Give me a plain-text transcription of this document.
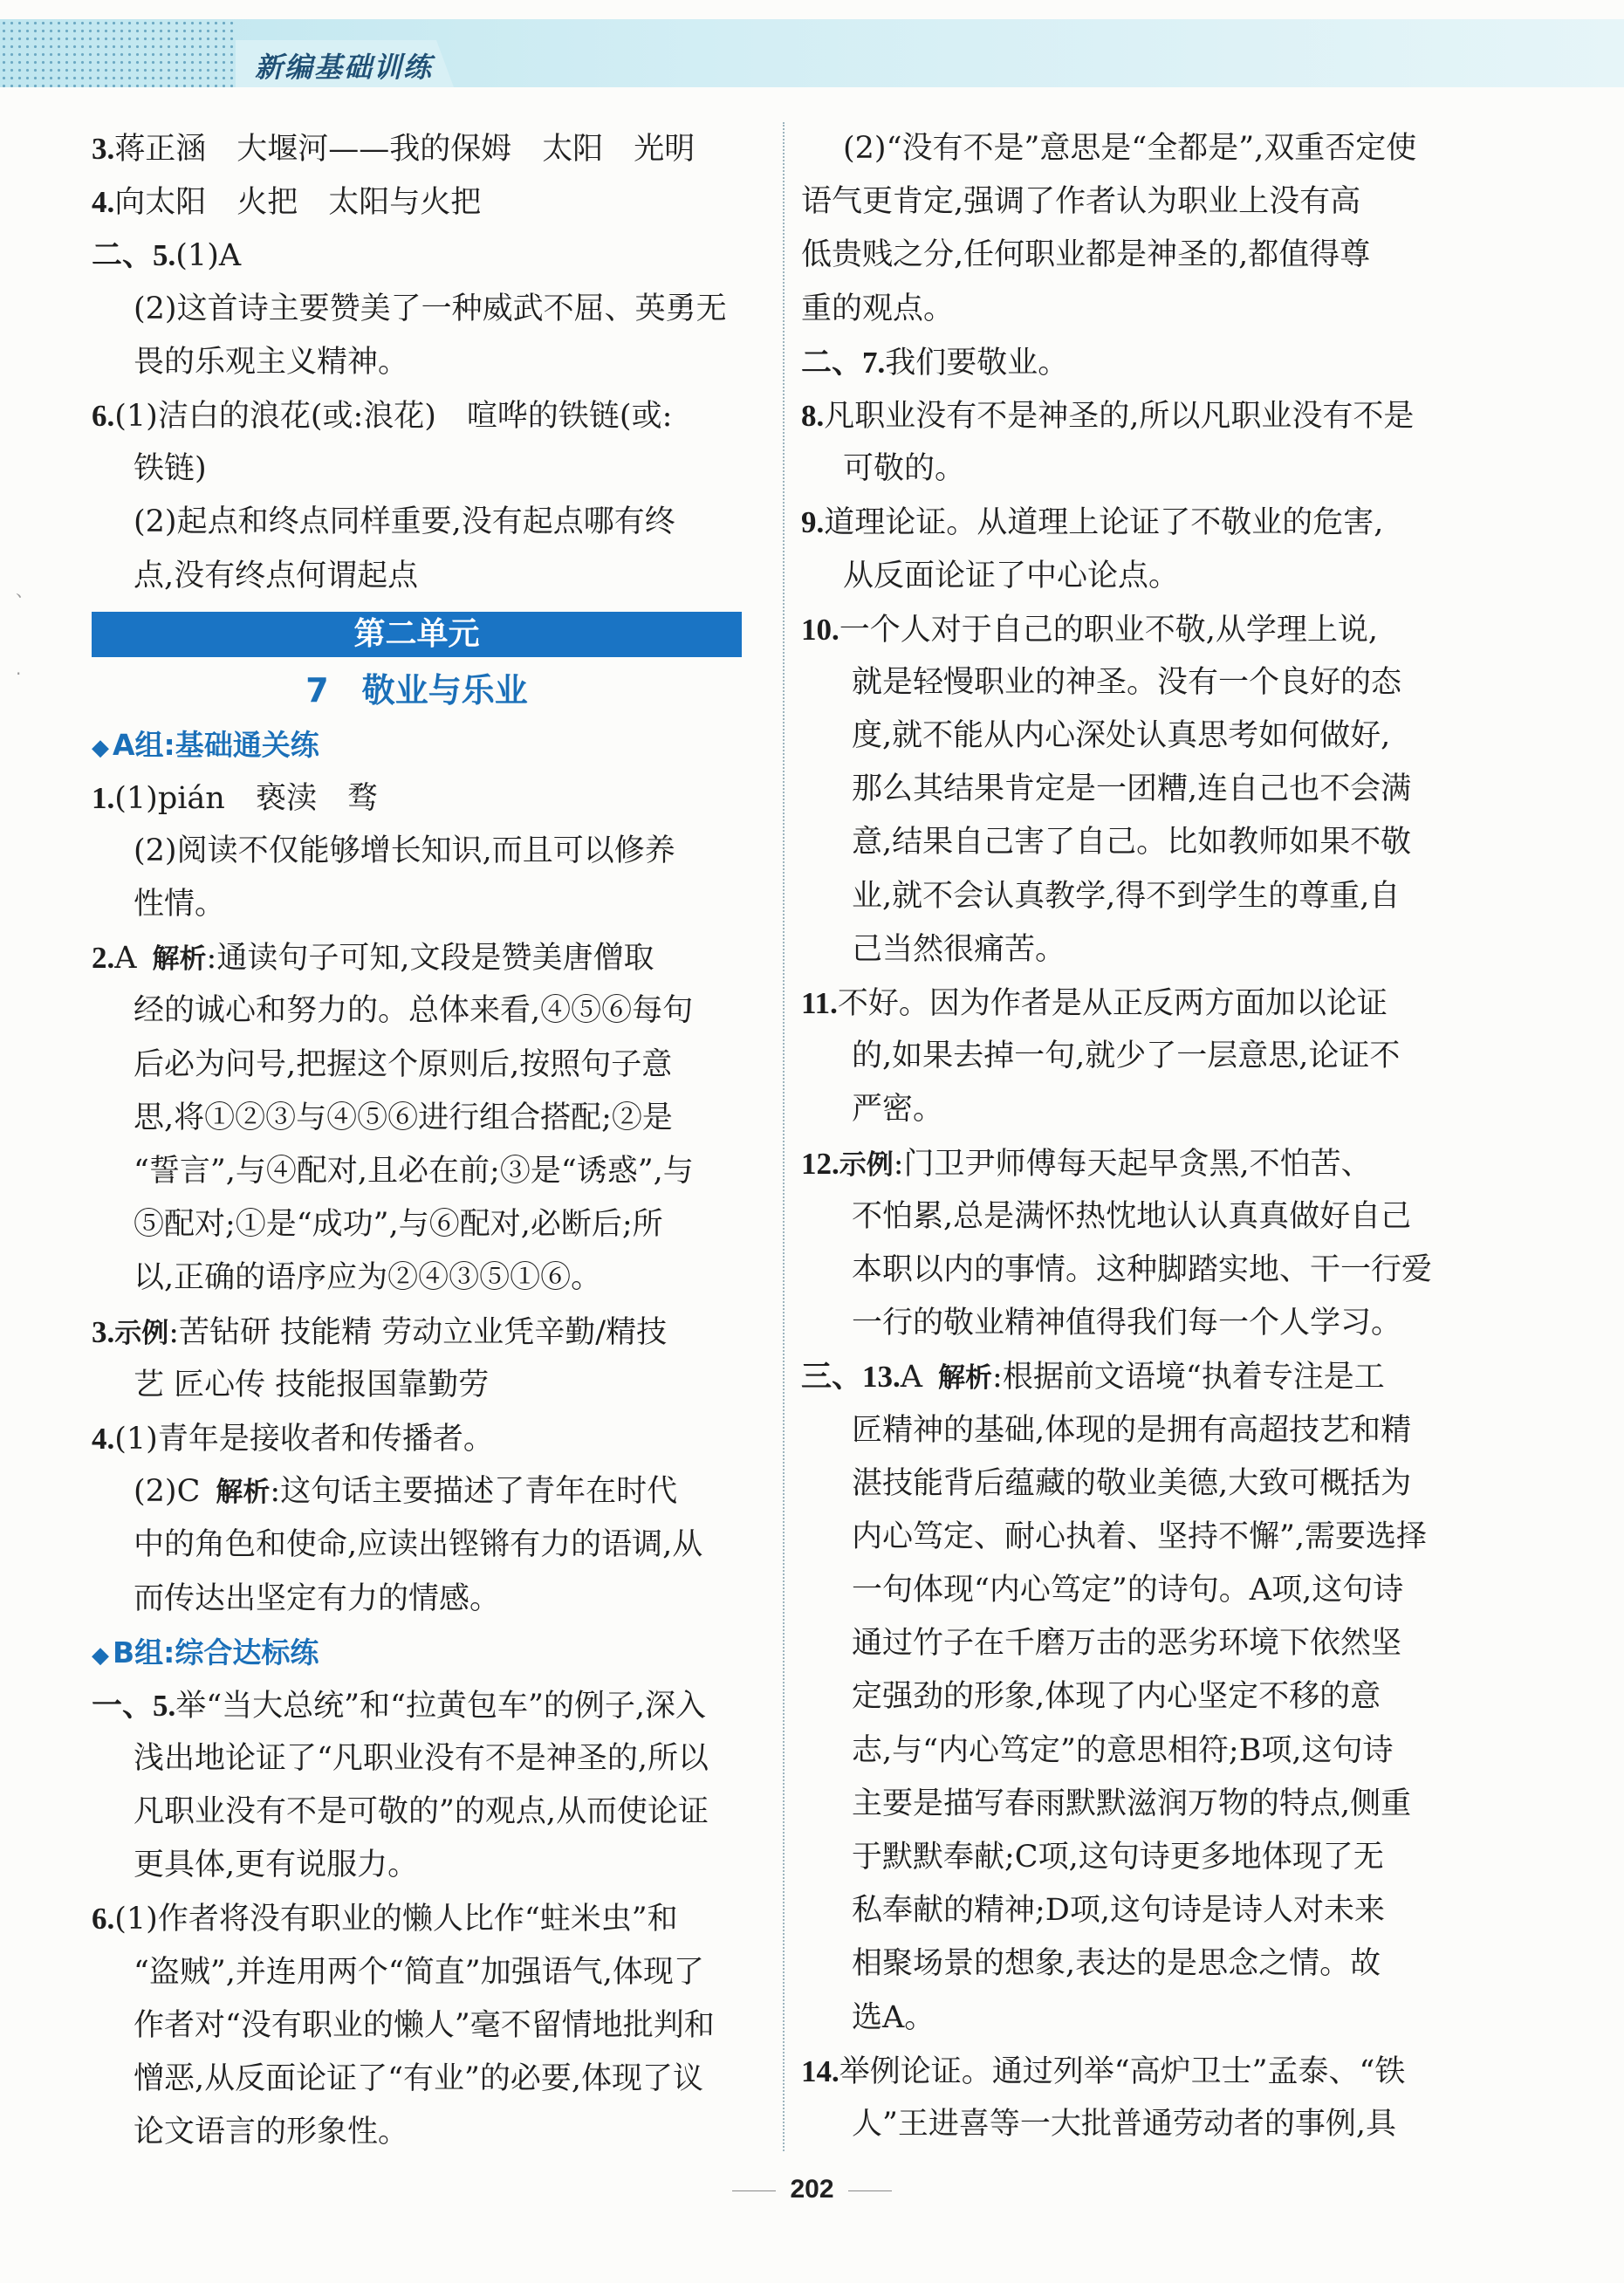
新编基础训练
、
·
3.蒋正涵　大堰河——我的保姆　太阳　光明
4.向太阳　火把　太阳与火把
二、5.(1)A
(2)这首诗主要赞美了一种威武不屈、英勇无
畏的乐观主义精神。
6.(1)洁白的浪花(或:浪花)　喧哗的铁链(或:
铁链)
(2)起点和终点同样重要,没有起点哪有终
点,没有终点何谓起点
第二单元
7　敬业与乐业
◆ A组:基础通关练
1.(1)pián　亵渎　骛
(2)阅读不仅能够增长知识,而且可以修养
性情。
2.A 解析:通读句子可知,文段是赞美唐僧取
经的诚心和努力的。总体来看,④⑤⑥每句
后必为问号,把握这个原则后,按照句子意
思,将①②③与④⑤⑥进行组合搭配;②是
“誓言”,与④配对,且必在前;③是“诱惑”,与
⑤配对;①是“成功”,与⑥配对,必断后;所
以,正确的语序应为②④③⑤①⑥。
3.示例:苦钻研 技能精 劳动立业凭辛勤/精技
艺 匠心传 技能报国靠勤劳
4.(1)青年是接收者和传播者。
(2)C 解析:这句话主要描述了青年在时代
中的角色和使命,应读出铿锵有力的语调,从
而传达出坚定有力的情感。
◆ B组:综合达标练
一、5.举“当大总统”和“拉黄包车”的例子,深入
浅出地论证了“凡职业没有不是神圣的,所以
凡职业没有不是可敬的”的观点,从而使论证
更具体,更有说服力。
6.(1)作者将没有职业的懒人比作“蛀米虫”和
“盗贼”,并连用两个“简直”加强语气,体现了
作者对“没有职业的懒人”毫不留情地批判和
憎恶,从反面论证了“有业”的必要,体现了议
论文语言的形象性。
(2)“没有不是”意思是“全都是”,双重否定使
语气更肯定,强调了作者认为职业上没有高
低贵贱之分,任何职业都是神圣的,都值得尊
重的观点。
二、7.我们要敬业。
8.凡职业没有不是神圣的,所以凡职业没有不是
可敬的。
9.道理论证。从道理上论证了不敬业的危害,
从反面论证了中心论点。
10.一个人对于自己的职业不敬,从学理上说,
就是轻慢职业的神圣。没有一个良好的态
度,就不能从内心深处认真思考如何做好,
那么其结果肯定是一团糟,连自己也不会满
意,结果自己害了自己。比如教师如果不敬
业,就不会认真教学,得不到学生的尊重,自
己当然很痛苦。
11.不好。因为作者是从正反两方面加以论证
的,如果去掉一句,就少了一层意思,论证不
严密。
12.示例:门卫尹师傅每天起早贪黑,不怕苦、
不怕累,总是满怀热忱地认认真真做好自己
本职以内的事情。这种脚踏实地、干一行爱
一行的敬业精神值得我们每一个人学习。
三、13.A 解析:根据前文语境“执着专注是工
匠精神的基础,体现的是拥有高超技艺和精
湛技能背后蕴藏的敬业美德,大致可概括为
内心笃定、耐心执着、坚持不懈”,需要选择
一句体现“内心笃定”的诗句。A项,这句诗
通过竹子在千磨万击的恶劣环境下依然坚
定强劲的形象,体现了内心坚定不移的意
志,与“内心笃定”的意思相符;B项,这句诗
主要是描写春雨默默滋润万物的特点,侧重
于默默奉献;C项,这句诗更多地体现了无
私奉献的精神;D项,这句诗是诗人对未来
相聚场景的想象,表达的是思念之情。故
选A。
14.举例论证。通过列举“高炉卫士”孟泰、“铁
人”王进喜等一大批普通劳动者的事例,具
202
